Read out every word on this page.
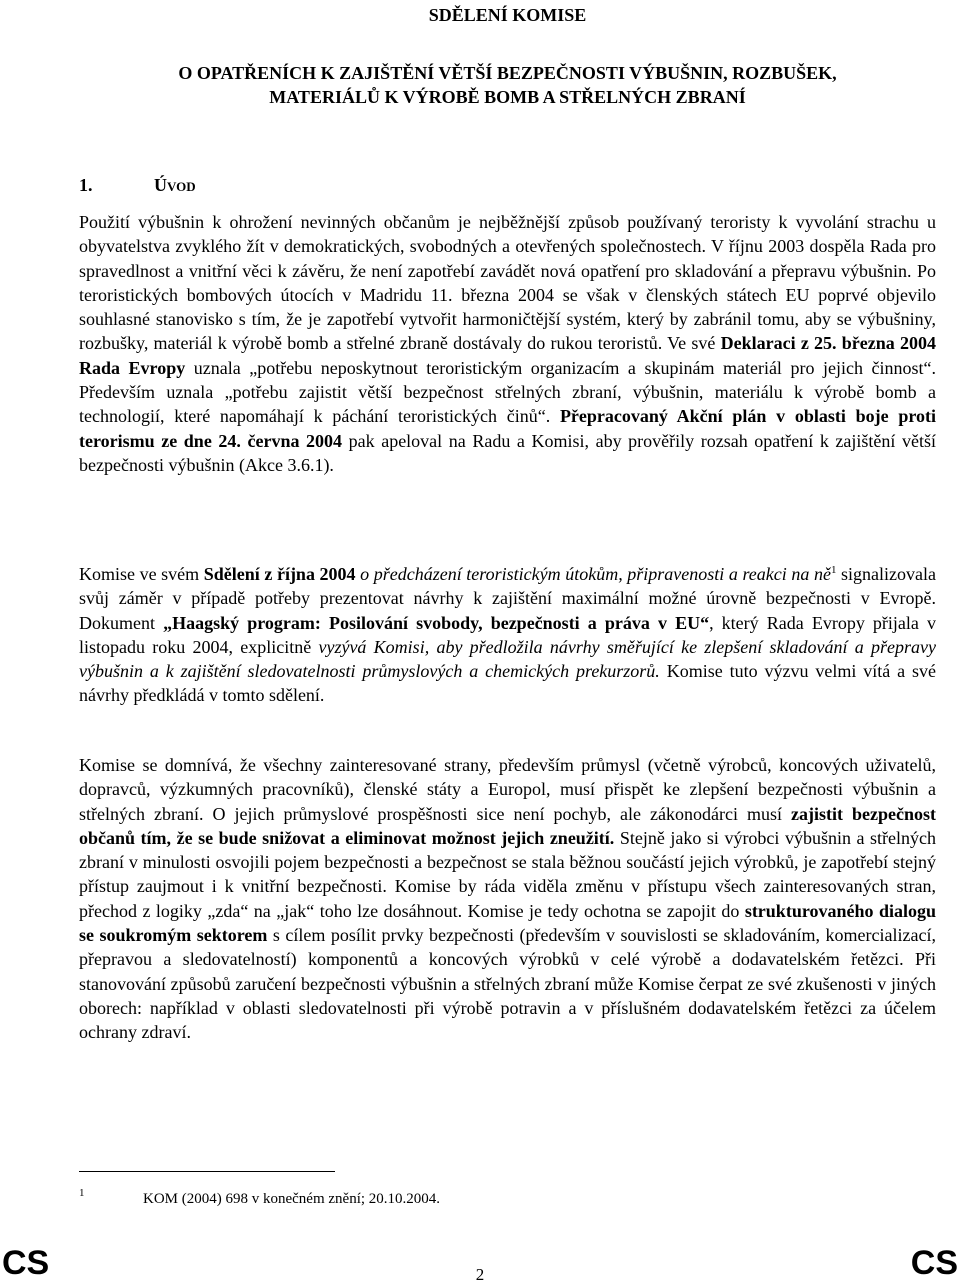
SDĚLENÍ KOMISE
O OPATŘENÍCH K ZAJIŠTĚNÍ VĚTŠÍ BEZPEČNOSTI VÝBUŠNIN, ROZBUŠEK,
MATERIÁLŮ K VÝROBĚ BOMB A STŘELNÝCH ZBRANÍ
1.	Úvod
Použití výbušnin k ohrožení nevinných občanům je nejběžnější způsob používaný teroristy k vyvolání strachu u obyvatelstva zvyklého žít v demokratických, svobodných a otevřených společnostech. V říjnu 2003 dospěla Rada pro spravedlnost a vnitřní věci k závěru, že není zapotřebí zavádět nová opatření pro skladování a přepravu výbušnin. Po teroristických bombových útocích v Madridu 11. března 2004 se však v členských státech EU poprvé objevilo souhlasné stanovisko s tím, že je zapotřebí vytvořit harmoničtější systém, který by zabránil tomu, aby se výbušniny, rozbušky, materiál k výrobě bomb a střelné zbraně dostávaly do rukou teroristů. Ve své Deklaraci z 25. března 2004 Rada Evropy uznala „potřebu neposkytnout teroristickým organizacím a skupinám materiál pro jejich činnost“. Především uznala „potřebu zajistit větší bezpečnost střelných zbraní, výbušnin, materiálu k výrobě bomb a technologií, které napomáhají k páchání teroristických činů“. Přepracovaný Akční plán v oblasti boje proti terorismu ze dne 24. června 2004 pak apeloval na Radu a Komisi, aby prověřily rozsah opatření k zajištění větší bezpečnosti výbušnin (Akce 3.6.1).
Komise ve svém Sdělení z října 2004 o předcházení teroristickým útokům, připravenosti a reakci na $ně^1$ signalizovala svůj záměr v případě potřeby prezentovat návrhy k zajištění maximální možné úrovně bezpečnosti v Evropě. Dokument „Haagský program: Posilování svobody, bezpečnosti a práva v EU“, který Rada Evropy přijala v listopadu roku 2004, explicitně vyzývá Komisi, aby předložila návrhy směřující ke zlepšení skladování a přepravy výbušnin a k zajištění sledovatelnosti průmyslových a chemických prekurzorů. Komise tuto výzvu velmi vítá a své návrhy předkládá v tomto sdělení.
Komise se domnívá, že všechny zainteresované strany, především průmysl (včetně výrobců, koncových uživatelů, dopravců, výzkumných pracovníků), členské státy a Europol, musí přispět ke zlepšení bezpečnosti výbušnin a střelných zbraní. O jejich průmyslové prospěšnosti sice není pochyb, ale zákonodárci musí zajistit bezpečnost občanů tím, že se bude snižovat a eliminovat možnost jejich zneužití. Stejně jako si výrobci výbušnin a střelných zbraní v minulosti osvojili pojem bezpečnosti a bezpečnost se stala běžnou součástí jejich výrobků, je zapotřebí stejný přístup zaujmout i k vnitřní bezpečnosti. Komise by ráda viděla změnu v přístupu všech zainteresovaných stran, přechod z logiky „zda“ na „jak“ toho lze dosáhnout. Komise je tedy ochotna se zapojit do strukturovaného dialogu se soukromým sektorem s cílem posílit prvky bezpečnosti (především v souvislosti se skladováním, komercializací, přepravou a sledovatelností) komponentů a koncových výrobků v celé výrobě a dodavatelském řetězci. Při stanovování způsobů zaručení bezpečnosti výbušnin a střelných zbraní může Komise čerpat ze své zkušenosti v jiných oborech: například v oblasti sledovatelnosti při výrobě potravin a v příslušném dodavatelském řetězci za účelem ochrany zdraví.
1	KOM (2004) 698 v konečném znění; 20.10.2004.
CS	2	CS
